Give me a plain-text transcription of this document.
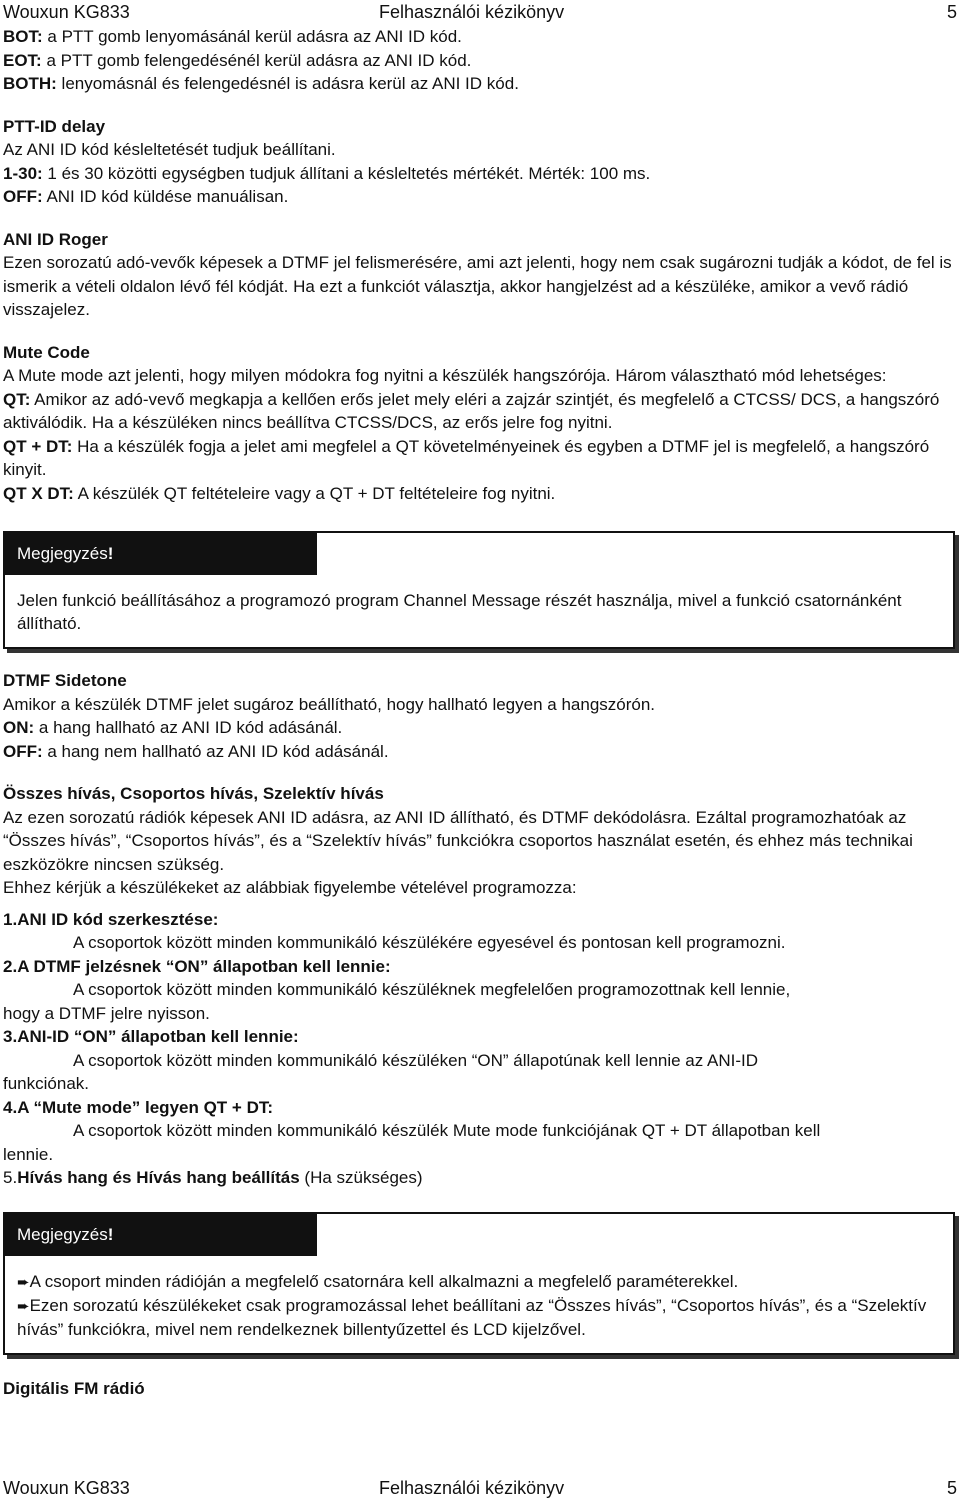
Wouxun KG833	Felhasználói kézikönyv	5

BOT: a PTT gomb lenyomásánál kerül adásra az ANI ID kód.

EOT: a PTT gomb felengedésénél kerül adásra az ANI ID kód.

BOTH: lenyomásnál és felengedésnél is adásra kerül az ANI ID kód.

PTT-ID delay

Az ANI ID kód késleltetését tudjuk beállítani.

1-30: 1 és 30 közötti egységben tudjuk állítani a késleltetés mértékét. Mérték: 100 ms.

OFF: ANI ID kód küldése manuálisan.

ANI ID Roger

Ezen sorozatú adó-vevők képesek a DTMF jel felismerésére, ami azt jelenti, hogy nem csak sugározni tudják a kódot, de fel is ismerik a vételi oldalon lévő fél kódját. Ha ezt a funkciót választja, akkor hangjelzést ad a készüléke, amikor a vevő rádió visszajelez.

Mute Code

A Mute mode azt jelenti, hogy milyen módokra fog nyitni a készülék hangszórója. Három választható mód lehetséges:

QT: Amikor az adó-vevő megkapja a kellően erős jelet mely eléri a zajzár szintjét, és megfelelő a CTCSS/ DCS, a hangszóró aktiválódik. Ha a készüléken nincs beállítva CTCSS/DCS, az erős jelre fog nyitni.

QT + DT: Ha a készülék fogja a jelet ami megfelel a QT követelményeinek és egyben a DTMF jel is megfelelő, a hangszóró kinyit.

QT X DT: A készülék QT feltételeire vagy a QT + DT feltételeire fog nyitni.

Megjegyzés!
Jelen funkció beállításához a programozó program Channel Message részét használja, mivel a funkció csatornánként állítható.

DTMF Sidetone

Amikor a készülék DTMF jelet sugároz beállítható, hogy hallható legyen a hangszórón.

ON: a hang hallható az ANI ID kód adásánál.

OFF: a hang nem hallható az ANI ID kód adásánál.

Összes hívás, Csoportos hívás, Szelektív hívás

Az ezen sorozatú rádiók képesek ANI ID adásra, az ANI ID állítható, és DTMF dekódolásra. Ezáltal programozhatóak az “Összes hívás”, “Csoportos hívás”, és a “Szelektív hívás” funkciókra csoportos használat esetén, és ehhez más technikai eszközökre nincsen szükség.

Ehhez kérjük a készülékeket az alábbiak figyelembe vételével programozza:

1.ANI ID kód szerkesztése:

A csoportok között minden kommunikáló készülékére egyesével és pontosan kell programozni.

2.A DTMF jelzésnek “ON” állapotban kell lennie:

A csoportok között minden kommunikáló készüléknek megfelelően programozottnak kell lennie,

hogy a DTMF jelre nyisson.

3.ANI-ID “ON” állapotban kell lennie:

A csoportok között minden kommunikáló készüléken “ON” állapotúnak kell lennie az ANI-ID

funkciónak.

4.A “Mute mode” legyen QT + DT:

A csoportok között minden kommunikáló készülék Mute mode funkciójának QT + DT állapotban kell

lennie.

5.Hívás hang és Hívás hang beállítás (Ha szükséges)

Megjegyzés!

➨A csoport minden rádióján a megfelelő csatornára kell alkalmazni a megfelelő paraméterekkel.

➨Ezen sorozatú készülékeket csak programozással lehet beállítani az “Összes hívás”, “Csoportos hívás”, és a “Szelektív hívás” funkciókra, mivel nem rendelkeznek billentyűzettel és LCD kijelzővel.

Digitális FM rádió

Wouxun KG833	Felhasználói kézikönyv	5
